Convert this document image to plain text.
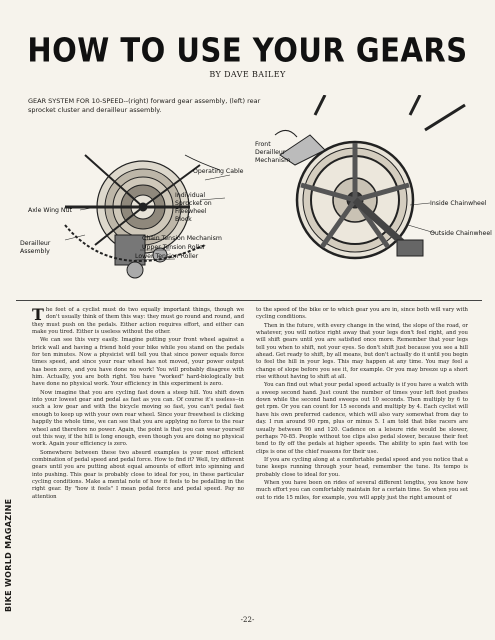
HOW TO USE YOUR GEARS
BY DAVE BAILEY
Operating Cable
Axle Wing Nut
Individual
Sprocket on
Freewheel
Block
Chain Tension Mechanism
Upper Tension Roller
Lower Tension Roller
Derailleur
Assembly
Front
Derailleur
Mechanism
Inside Chainwheel
Outside Chainwheel
GEAR SYSTEM FOR 10-SPEED--(right) forward gear assembly, (left) rear sprocket cluster and derailleur assembly.

The feet of a cyclist must do two equally important things, though we don't usually think of them this way: they must go round and round, and they must push on the pedals. Either action requires effort, and either can make you tired. Either is useless without the other.

We can see this very easily. Imagine putting your front wheel against a brick wall and having a friend hold your bike while you stand on the pedals for ten minutes. Now a physicist will tell you that since power equals force times speed, and since your rear wheel has not moved, your power output has been zero, and you have done no work! You will probably disagree with him. Actually, you are both right. You have "worked" hard-biologically but have done no physical work. Your efficiency in this experiment is zero.

Now imagine that you are cycling fast down a steep hill. You shift down into your lowest gear and pedal as fast as you can. Of course it's useless--in such a low gear and with the bicycle moving so fast, you can't pedal fast enough to keep up with your own rear wheel. Since your freewheel is clicking happily the whole time, we can see that you are applying no force to the rear wheel and therefore no power. Again, the point is that you can wear yourself out this way, if the hill is long enough, even though you are doing no physical work. Again your efficiency is zero.

Somewhere between these two absurd examples is your most efficient combination of pedal speed and pedal force. How to find it? Well, try different gears until you are putting about equal amounts of effort into spinning and into pushing. This gear is probably close to ideal for you, in these particular cycling conditions. Make a mental note of how it feels to be pedalling in the right gear. By "how it feels" I mean pedal force and pedal speed. Pay no attention

to the speed of the bike or to which gear you are in, since both will vary with cycling conditions.

Then in the future, with every change in the wind, the slope of the road, or whatever, you will notice right away that your legs don't feel right, and you will shift gears until you are satisfied once more. Remember that your legs tell you when to shift, not your eyes. So don't shift just because you see a hill ahead. Get ready to shift, by all means, but don't actually do it until you begin to feel the hill in your legs. This may happen at any time. You may feel a change of slope before you see it, for example. Or you may breeze up a short rise without having to shift at all.

You can find out what your pedal speed actually is if you have a watch with a sweep second hand. Just count the number of times your left foot pushes down while the second hand sweeps out 10 seconds. Then multiply by 6 to get rpm. Or you can count for 15 seconds and multiply by 4. Each cyclist will have his own preferred cadence, which will also vary somewhat from day to day. I run around 90 rpm, plus or minus 5. I am told that bike racers are usually between 90 and 120. Cadence on a leisure ride would be slower, perhaps 70-85. People without toe clips also pedal slower, because their feet tend to fly off the pedals at higher speeds. The ability to spin fast with toe clips is one of the chief reasons for their use.

If you are cycling along at a comfortable pedal speed and you notice that a tune keeps running through your head, remember the tune. Its tempo is probably close to ideal for you.

When you have been on rides of several different lengths, you know how much effort you can comfortably maintain for a certain time. So when you set out to ride 15 miles, for example, you will apply just the right amount of

BIKE WORLD MAGAZINE
-22-
